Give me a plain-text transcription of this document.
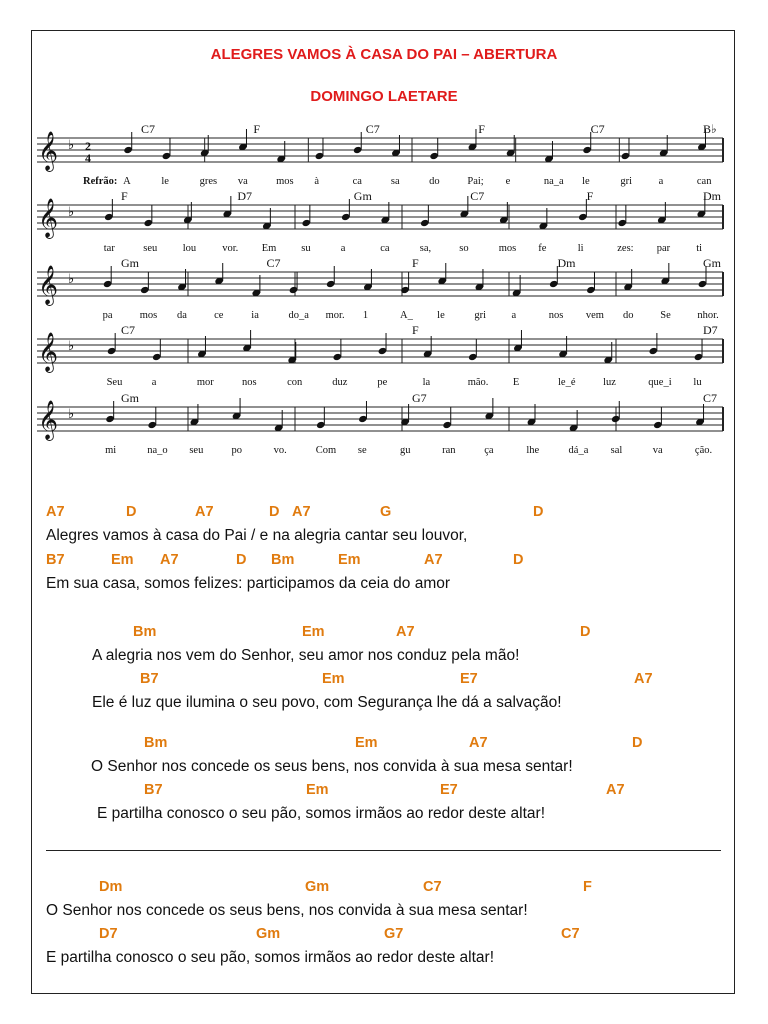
ALEGRES VAMOS À CASA DO PAI – ABERTURA
DOMINGO LAETARE
𝄞 ♭ 2
4
A	le	gres va	mos à	ca	sa	do	Pai; e	na_a le	gri	a	can
C7	F	C7	F	C7	B♭
Refrão:
𝄞 ♭
tar	seu lou vor. Em su	a	ca	sa,	so	mos fe	li	zes: par ti
F	D7	Gm	C7	F	Dm
𝄞 ♭
pa	mos da	ce	ia	do_a mor. 1	A_ le	gri a	nos vem do	Se	nhor.
Gm	C7	F	Dm	Gm
𝄞 ♭
Seu	a	mor	nos	con	duz	pe	la	mão. E	le_é	luz	que_i lu
C7	F	D7
𝄞 ♭
mi	na_o seu	po	vo.	Com se	gu	ran	ça	lhe	dá_a sal	va	ção.
Gm	G7	C7
A7	D	A7	D A7	G	D
Alegres vamos à casa do Pai / e na alegria cantar seu louvor,
B7	Em A7	D Bm	Em	A7	D
Em sua casa, somos felizes: participamos da ceia do amor
Bm	Em	A7	D
A alegria nos vem do Senhor, seu amor nos conduz pela mão!
B7	Em	E7	A7
Ele é luz que ilumina o seu povo, com Segurança lhe dá a salvação!
Bm	Em	A7	D
O Senhor nos concede os seus bens, nos convida à sua mesa sentar!
B7	Em	E7	A7
E partilha conosco o seu pão, somos irmãos ao redor deste altar!
Dm	Gm	C7	F
O Senhor nos concede os seus bens, nos convida à sua mesa sentar!
D7	Gm	G7	C7
E partilha conosco o seu pão, somos irmãos ao redor deste altar!
